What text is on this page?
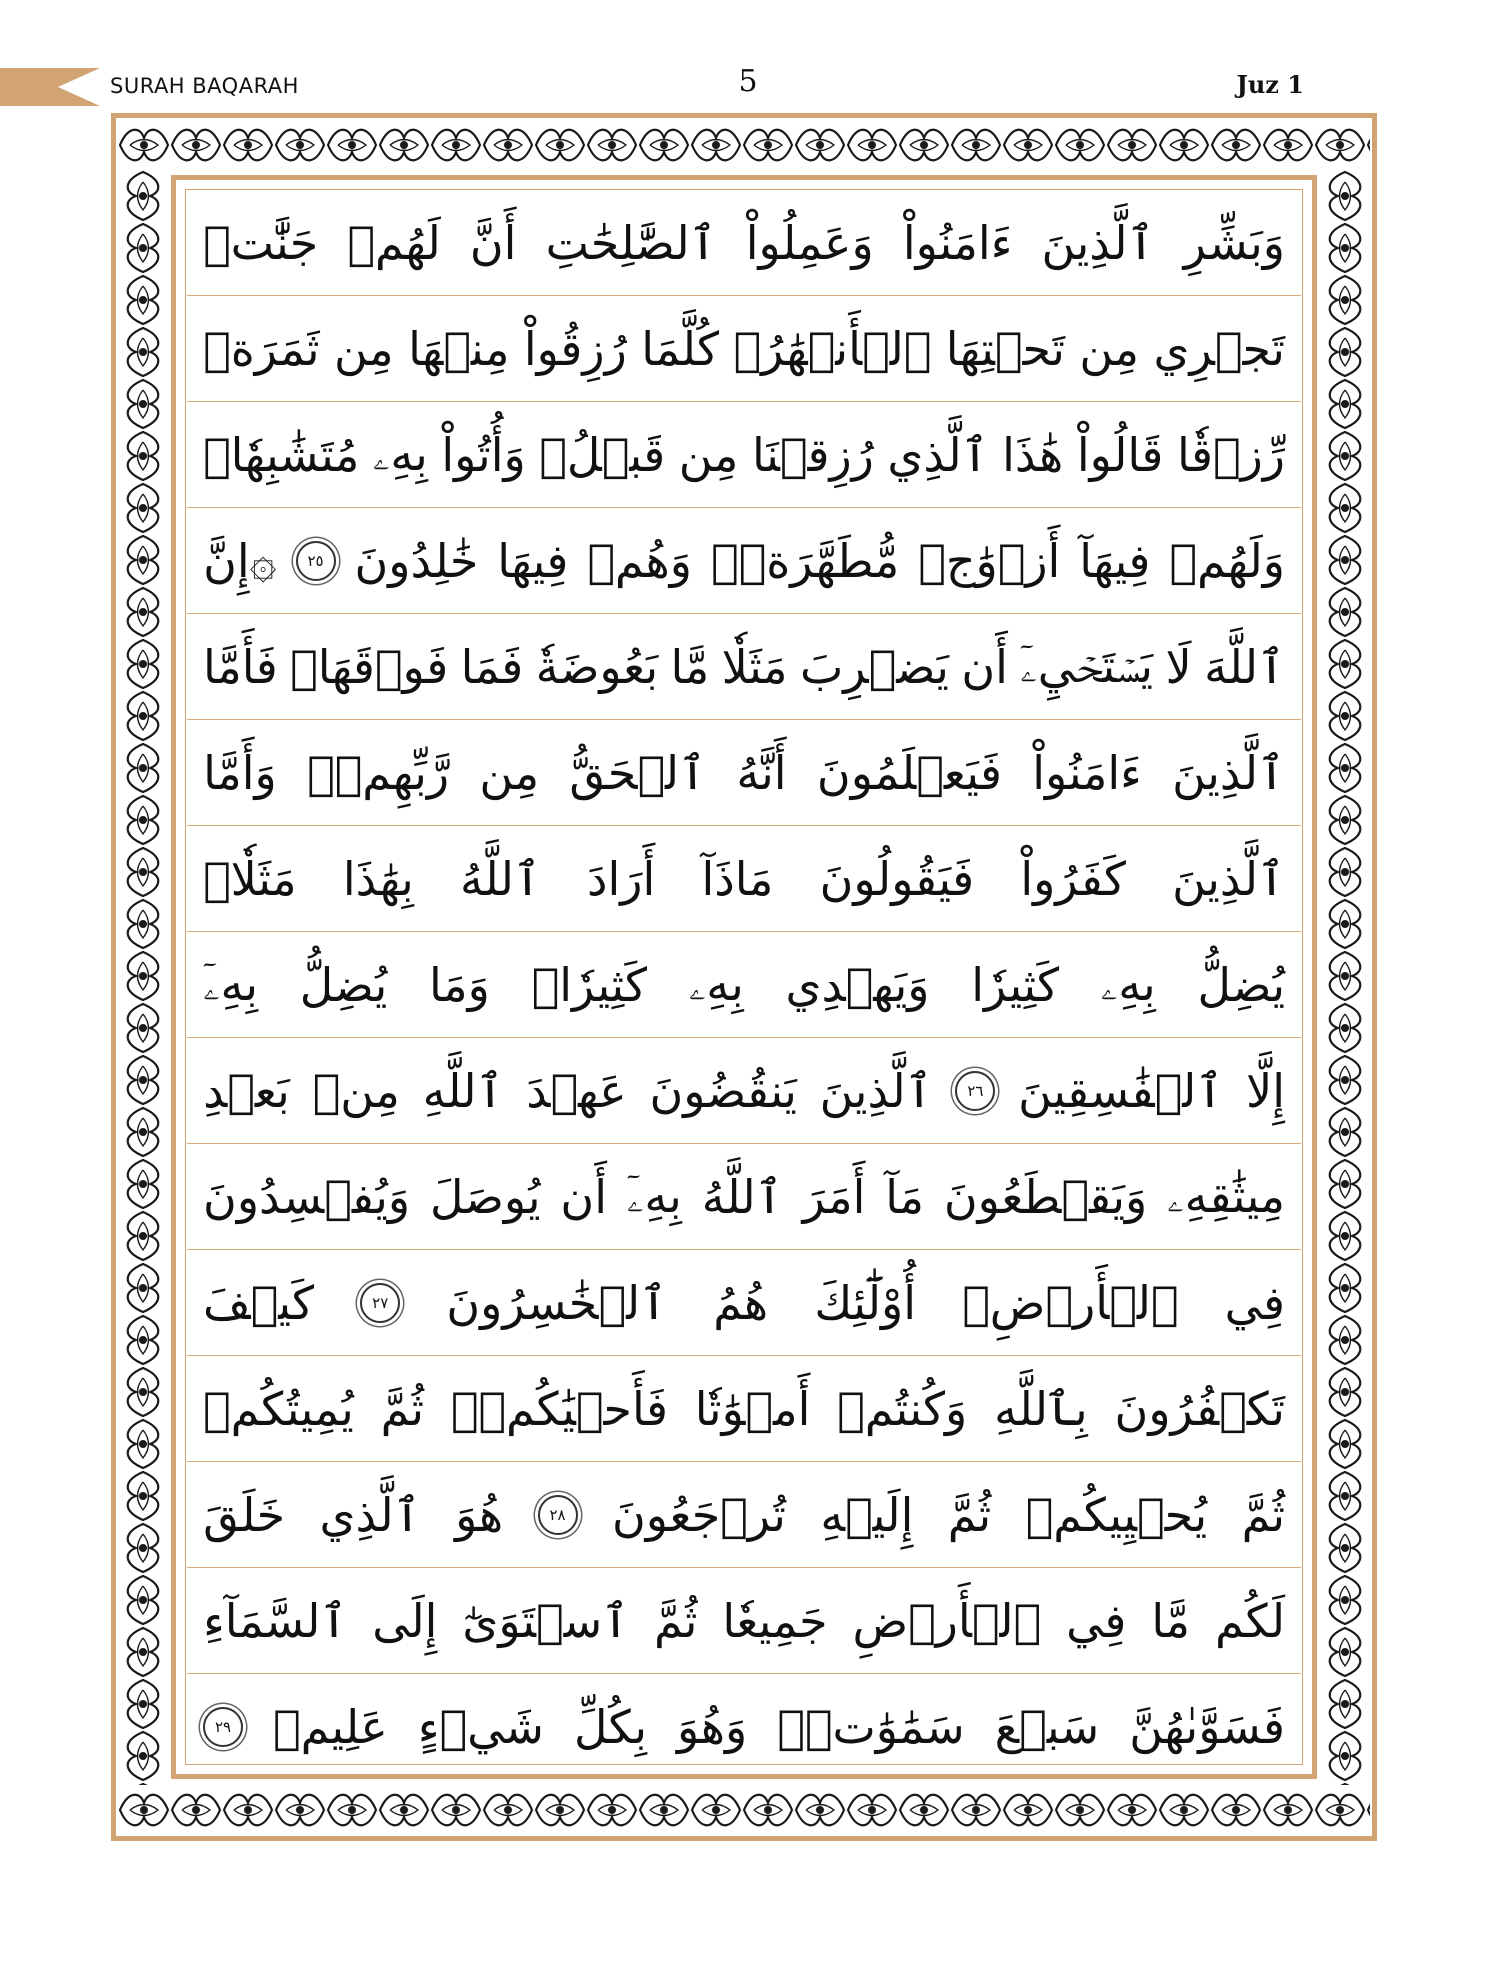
SURAH BAQARAH	5	Juz 1
وَبَشِّرِ
ٱلَّذِينَ
ءَامَنُواْ
وَعَمِلُواْ
ٱلصَّٰلِحَٰتِ
أَنَّ
لَهُمۡ
جَنَّٰتٖ
تَجۡرِي
مِن
تَحۡتِهَا
ٱلۡأَنۡهَٰرُۖ
كُلَّمَا
رُزِقُواْ
مِنۡهَا
مِن
ثَمَرَةٖ
رِّزۡقٗا
قَالُواْ
هَٰذَا
ٱلَّذِي
رُزِقۡنَا
مِن
قَبۡلُۖ
وَأُتُواْ
بِهِۦ
مُتَشَٰبِهٗاۖ
وَلَهُمۡ
فِيهَآ
أَزۡوَٰجٞ
مُّطَهَّرَةٞۖ
وَهُمۡ
فِيهَا
خَٰلِدُونَ
٢٥
۞إِنَّ
ٱللَّهَ
لَا
يَسۡتَحۡيِۦٓ
أَن
يَضۡرِبَ
مَثَلٗا
مَّا
بَعُوضَةٗ
فَمَا
فَوۡقَهَاۚ
فَأَمَّا
ٱلَّذِينَ
ءَامَنُواْ
فَيَعۡلَمُونَ
أَنَّهُ
ٱلۡحَقُّ
مِن
رَّبِّهِمۡۖ
وَأَمَّا
ٱلَّذِينَ
كَفَرُواْ
فَيَقُولُونَ
مَاذَآ
أَرَادَ
ٱللَّهُ
بِهَٰذَا
مَثَلٗاۘ
يُضِلُّ
بِهِۦ
كَثِيرٗا
وَيَهۡدِي
بِهِۦ
كَثِيرٗاۚ
وَمَا
يُضِلُّ
بِهِۦٓ
إِلَّا
ٱلۡفَٰسِقِينَ
٢٦
ٱلَّذِينَ
يَنقُضُونَ
عَهۡدَ
ٱللَّهِ
مِنۢ
بَعۡدِ
مِيثَٰقِهِۦ
وَيَقۡطَعُونَ
مَآ
أَمَرَ
ٱللَّهُ
بِهِۦٓ
أَن
يُوصَلَ
وَيُفۡسِدُونَ
فِي
ٱلۡأَرۡضِۚ
أُوْلَٰٓئِكَ
هُمُ
ٱلۡخَٰسِرُونَ
٢٧
كَيۡفَ
تَكۡفُرُونَ
بِٱللَّهِ
وَكُنتُمۡ
أَمۡوَٰتٗا
فَأَحۡيَٰكُمۡۖ
ثُمَّ
يُمِيتُكُمۡ
ثُمَّ
يُحۡيِيكُمۡ
ثُمَّ
إِلَيۡهِ
تُرۡجَعُونَ
٢٨
هُوَ
ٱلَّذِي
خَلَقَ
لَكُم
مَّا
فِي
ٱلۡأَرۡضِ
جَمِيعٗا
ثُمَّ
ٱسۡتَوَىٰٓ
إِلَى
ٱلسَّمَآءِ
فَسَوَّىٰهُنَّ
سَبۡعَ
سَمَٰوَٰتٖۚ
وَهُوَ
بِكُلِّ
شَيۡءٍ
عَلِيمٞ
٢٩
